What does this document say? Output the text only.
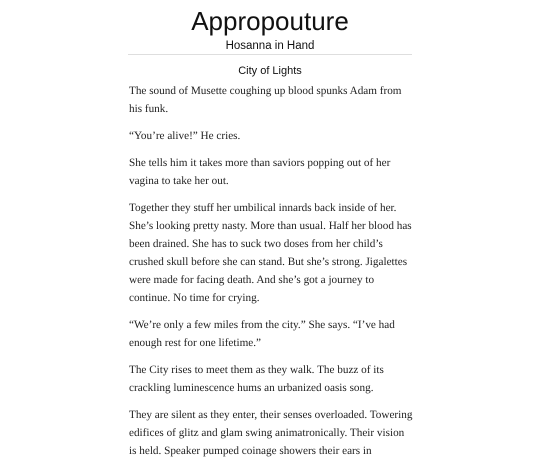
Appropouture
Hosanna in Hand
City of Lights

The sound of Musette coughing up blood spunks Adam from his funk.

“You’re alive!” He cries.

She tells him it takes more than saviors popping out of her vagina to take her out.

Together they stuff her umbilical innards back inside of her. She’s looking pretty nasty. More than usual. Half her blood has been drained. She has to suck two doses from her child’s crushed skull before she can stand. But she’s strong. Jigalettes were made for facing death. And she’s got a journey to continue. No time for crying.

“We’re only a few miles from the city.” She says. “I’ve had enough rest for one lifetime.”

The City rises to meet them as they walk. The buzz of its crackling luminescence hums an urbanized oasis song.

They are silent as they enter, their senses overloaded. Towering edifices of glitz and glam swing animatronically. Their vision is held. Speaker pumped coinage showers their ears in
